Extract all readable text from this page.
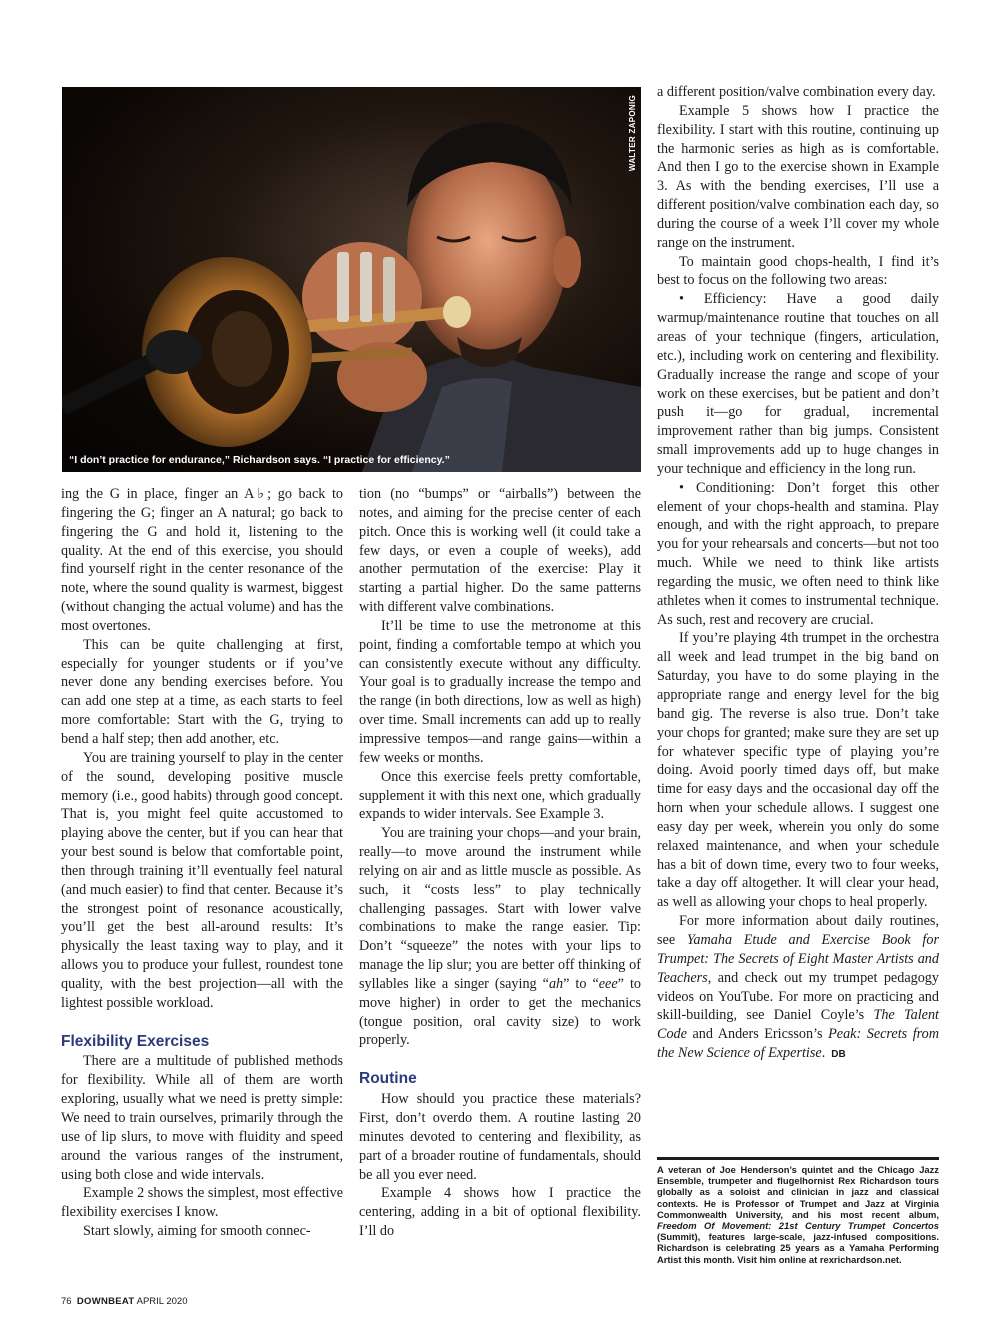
WALTER ZAPONIG
“I don’t practice for endurance,” Richardson says. “I practice for efficiency.”

ing the G in place, finger an A♭; go back to fingering the G; finger an A natural; go back to fingering the G and hold it, listening to the quality. At the end of this exercise, you should find yourself right in the center resonance of the note, where the sound quality is warmest, biggest (without changing the actual volume) and has the most overtones.

This can be quite challenging at first, especially for younger students or if you’ve never done any bending exercises before. You can add one step at a time, as each starts to feel more comfortable: Start with the G, trying to bend a half step; then add another, etc.

You are training yourself to play in the center of the sound, developing positive muscle memory (i.e., good habits) through good concept. That is, you might feel quite accustomed to playing above the center, but if you can hear that your best sound is below that comfortable point, then through training it’ll eventually feel natural (and much easier) to find that center. Because it’s the strongest point of resonance acoustically, you’ll get the best all-around results: It’s physically the least taxing way to play, and it allows you to produce your fullest, roundest tone quality, with the best projection—all with the lightest possible workload.

Flexibility Exercises

There are a multitude of published methods for flexibility. While all of them are worth exploring, usually what we need is pretty simple: We need to train ourselves, primarily through the use of lip slurs, to move with fluidity and speed around the various ranges of the instrument, using both close and wide intervals.

Example 2 shows the simplest, most effective flexibility exercises I know.

Start slowly, aiming for smooth connec-

tion (no “bumps” or “airballs”) between the notes, and aiming for the precise center of each pitch. Once this is working well (it could take a few days, or even a couple of weeks), add another permutation of the exercise: Play it starting a partial higher. Do the same patterns with different valve combinations.

It’ll be time to use the metronome at this point, finding a comfortable tempo at which you can consistently execute without any difficulty. Your goal is to gradually increase the tempo and the range (in both directions, low as well as high) over time. Small increments can add up to really impressive tempos—and range gains—within a few weeks or months.

Once this exercise feels pretty comfortable, supplement it with this next one, which gradually expands to wider intervals. See Example 3.

You are training your chops—and your brain, really—to move around the instrument while relying on air and as little muscle as possible. As such, it “costs less” to play technically challenging passages. Start with lower valve combinations to make the range easier. Tip: Don’t “squeeze” the notes with your lips to manage the lip slur; you are better off thinking of syllables like a singer (saying “ah” to “eee” to move higher) in order to get the mechanics (tongue position, oral cavity size) to work properly.

Routine

How should you practice these materials? First, don’t overdo them. A routine lasting 20 minutes devoted to centering and flexibility, as part of a broader routine of fundamentals, should be all you ever need.

Example 4 shows how I practice the centering, adding in a bit of optional flexibility. I’ll do

a different position/valve combination every day.

Example 5 shows how I practice the flexibility. I start with this routine, continuing up the harmonic series as high as is comfortable. And then I go to the exercise shown in Example 3. As with the bending exercises, I’ll use a different position/valve combination each day, so during the course of a week I’ll cover my whole range on the instrument.

To maintain good chops-health, I find it’s best to focus on the following two areas:

• Efficiency: Have a good daily warmup/maintenance routine that touches on all areas of your technique (fingers, articulation, etc.), including work on centering and flexibility. Gradually increase the range and scope of your work on these exercises, but be patient and don’t push it—go for gradual, incremental improvement rather than big jumps. Consistent small improvements add up to huge changes in your technique and efficiency in the long run.

• Conditioning: Don’t forget this other element of your chops-health and stamina. Play enough, and with the right approach, to prepare you for your rehearsals and concerts—but not too much. While we need to think like artists regarding the music, we often need to think like athletes when it comes to instrumental technique. As such, rest and recovery are crucial.

If you’re playing 4th trumpet in the orchestra all week and lead trumpet in the big band on Saturday, you have to do some playing in the appropriate range and energy level for the big band gig. The reverse is also true. Don’t take your chops for granted; make sure they are set up for whatever specific type of playing you’re doing. Avoid poorly timed days off, but make time for easy days and the occasional day off the horn when your schedule allows. I suggest one easy day per week, wherein you only do some relaxed maintenance, and when your schedule has a bit of down time, every two to four weeks, take a day off altogether. It will clear your head, as well as allowing your chops to heal properly.

For more information about daily routines, see Yamaha Etude and Exercise Book for Trumpet: The Secrets of Eight Master Artists and Teachers, and check out my trumpet pedagogy videos on YouTube. For more on practicing and skill-building, see Daniel Coyle’s The Talent Code and Anders Ericsson’s Peak: Secrets from the New Science of Expertise. DB

A veteran of Joe Henderson’s quintet and the Chicago Jazz Ensemble, trumpeter and flugelhornist Rex Richardson tours globally as a soloist and clinician in jazz and classical contexts. He is Professor of Trumpet and Jazz at Virginia Commonwealth University, and his most recent album, Freedom Of Movement: 21st Century Trumpet Concertos (Summit), features large-scale, jazz-infused compositions. Richardson is celebrating 25 years as a Yamaha Performing Artist this month. Visit him online at rexrichardson.net.
76 DOWNBEAT APRIL 2020
